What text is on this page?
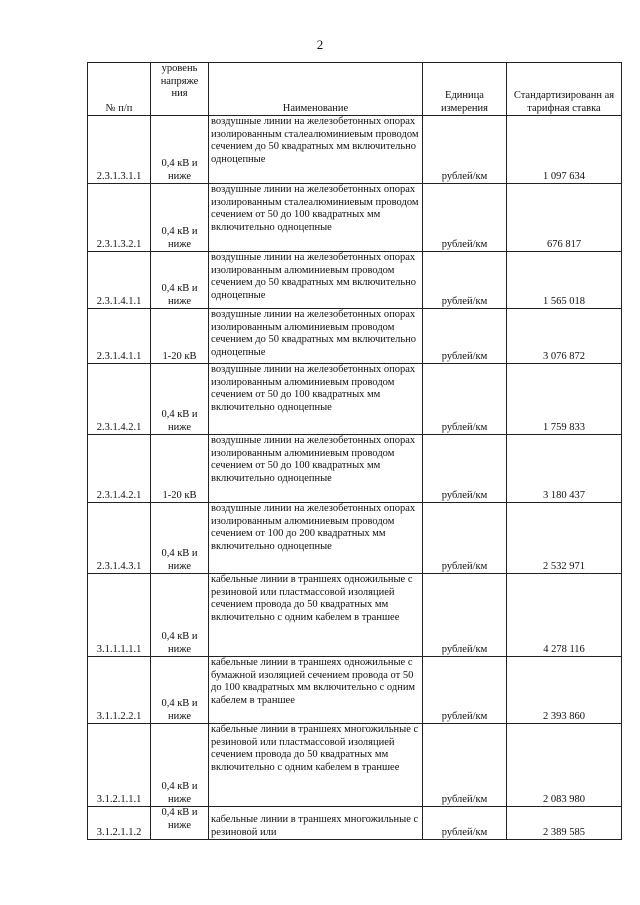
2
№ п/п	уровень напряже ния	Наименование	Единица измерения	Стандартизированн ая тарифная ставка
2.3.1.3.1.1	0,4 кВ и ниже	воздушные линии на железобетонных опорах изолированным сталеалюминиевым проводом сечением до 50 квадратных мм включительно одноцепные	рублей/км	1 097 634
2.3.1.3.2.1	0,4 кВ и ниже	воздушные линии на железобетонных опорах изолированным сталеалюминиевым проводом сечением от 50 до 100 квадратных мм включительно одноцепные	рублей/км	676 817
2.3.1.4.1.1	0,4 кВ и ниже	воздушные линии на железобетонных опорах изолированным алюминиевым проводом сечением до 50 квадратных мм включительно одноцепные	рублей/км	1 565 018
2.3.1.4.1.1	1-20 кВ	воздушные линии на железобетонных опорах изолированным алюминиевым проводом сечением до 50 квадратных мм включительно одноцепные	рублей/км	3 076 872
2.3.1.4.2.1	0,4 кВ и ниже	воздушные линии на железобетонных опорах изолированным алюминиевым проводом сечением от 50 до 100 квадратных мм включительно одноцепные	рублей/км	1 759 833
2.3.1.4.2.1	1-20 кВ	воздушные линии на железобетонных опорах изолированным алюминиевым проводом сечением от 50 до 100 квадратных мм включительно одноцепные	рублей/км	3 180 437
2.3.1.4.3.1	0,4 кВ и ниже	воздушные линии на железобетонных опорах изолированным алюминиевым проводом сечением от 100 до 200 квадратных мм включительно одноцепные	рублей/км	2 532 971
3.1.1.1.1.1	0,4 кВ и ниже	кабельные линии в траншеях одножильные с резиновой или пластмассовой изоляцией сечением провода до 50 квадратных мм включительно с одним кабелем в траншее	рублей/км	4 278 116
3.1.1.2.2.1	0,4 кВ и ниже	кабельные линии в траншеях одножильные с бумажной изоляцией сечением провода от 50 до 100 квадратных мм включительно с одним кабелем в траншее	рублей/км	2 393 860
3.1.2.1.1.1	0,4 кВ и ниже	кабельные линии в траншеях многожильные с резиновой или пластмассовой изоляцией сечением провода до 50 квадратных мм включительно с одним кабелем в траншее	рублей/км	2 083 980
3.1.2.1.1.2	0,4 кВ и ниже	кабельные линии в траншеях многожильные с резиновой или	рублей/км	2 389 585
